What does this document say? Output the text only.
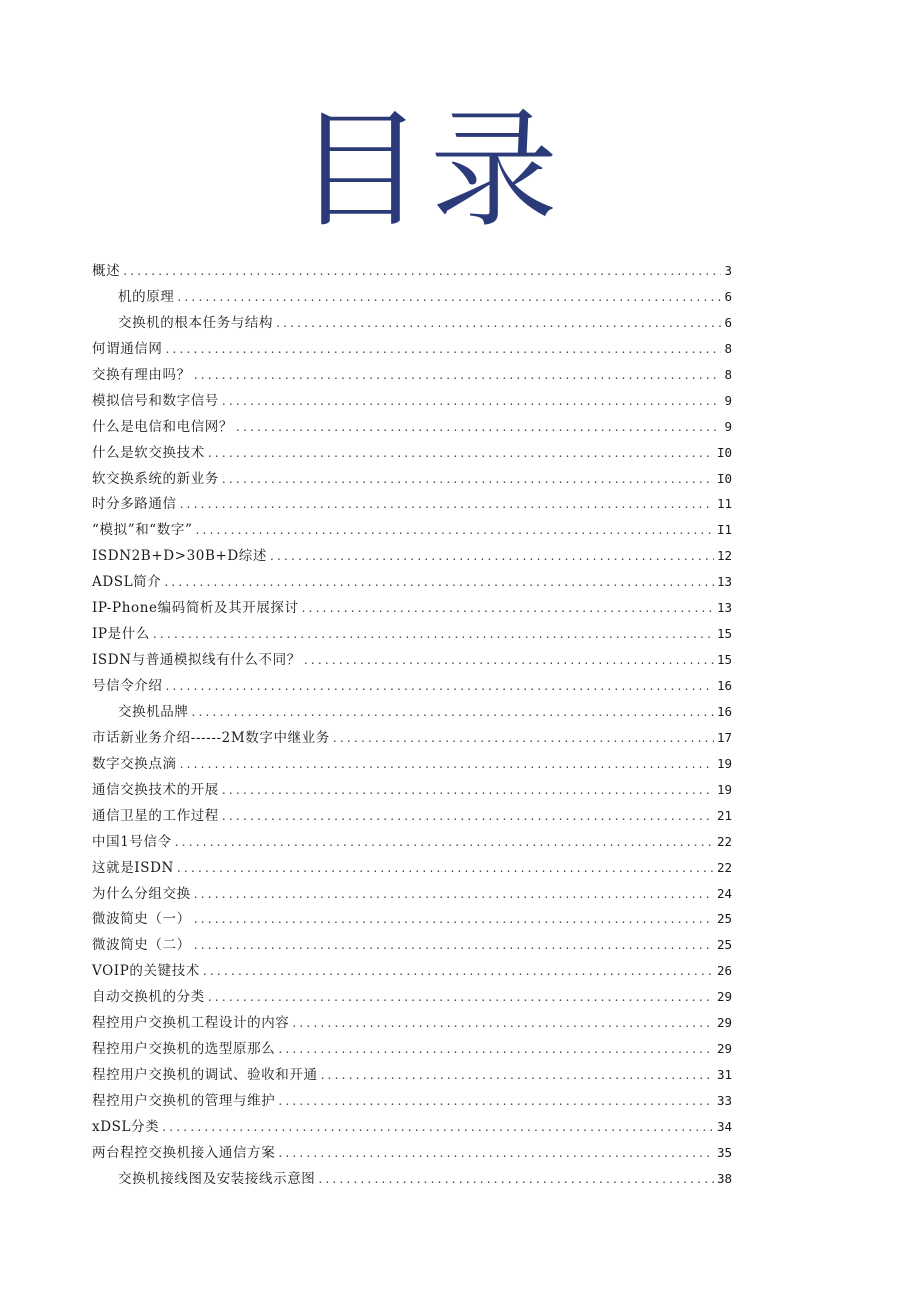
目录
概述 .....	3
机的原理 .....	6
交换机的根本任务与结构 .....	6
何谓通信网 .....	8
交换有理由吗？ .....	8
模拟信号和数字信号 .....	9
什么是电信和电信网？ .....	9
什么是软交换技术 .....	I0
软交换系统的新业务 .....	I0
时分多路通信 .....	11
“模拟”和“数字” .....	I1
ISDN2B+D>30B+D综述 .....	12
ADSL简介 .....	13
IP-Phone编码简析及其开展探讨 .....	13
IP是什么 .....	15
ISDN与普通模拟线有什么不同？ .....	15
号信令介绍 .....	16
交换机品牌 .....	16
市话新业务介绍------2M数字中继业务 .....	17
数字交换点滴 .....	19
通信交换技术的开展 .....	19
通信卫星的工作过程 .....	21
中国1号信令 .....	22
这就是ISDN .....	22
为什么分组交换 .....	24
微波简史（一） .....	25
微波简史（二） .....	25
VOIP的关键技术 .....	26
自动交换机的分类 .....	29
程控用户交换机工程设计的内容 .....	29
程控用户交换机的选型原那么 .....	29
程控用户交换机的调试、验收和开通 .....	31
程控用户交换机的管理与维护 .....	33
xDSL分类 .....	34
两台程控交换机接入通信方案 .....	35
交换机接线图及安装接线示意图 .....	38
